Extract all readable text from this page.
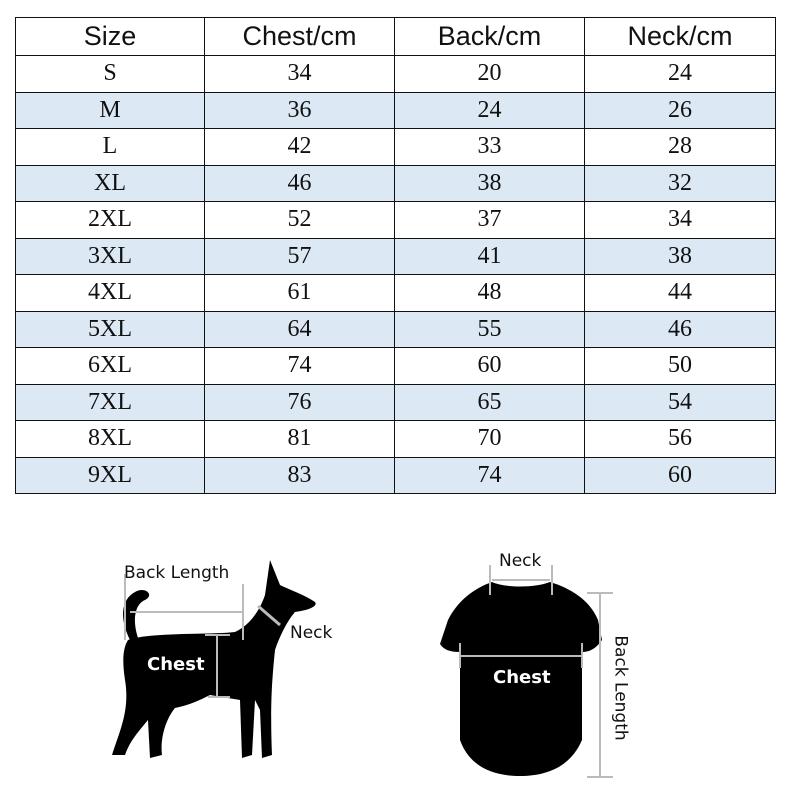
Size	Chest/cm	Back/cm	Neck/cm
S	34	20	24
M	36	24	26
L	42	33	28
XL	46	38	32
2XL	52	37	34
3XL	57	41	38
4XL	61	48	44
5XL	64	55	46
6XL	74	60	50
7XL	76	65	54
8XL	81	70	56
9XL	83	74	60
Back Length
Chest
Neck
Neck
Chest	Back Length
